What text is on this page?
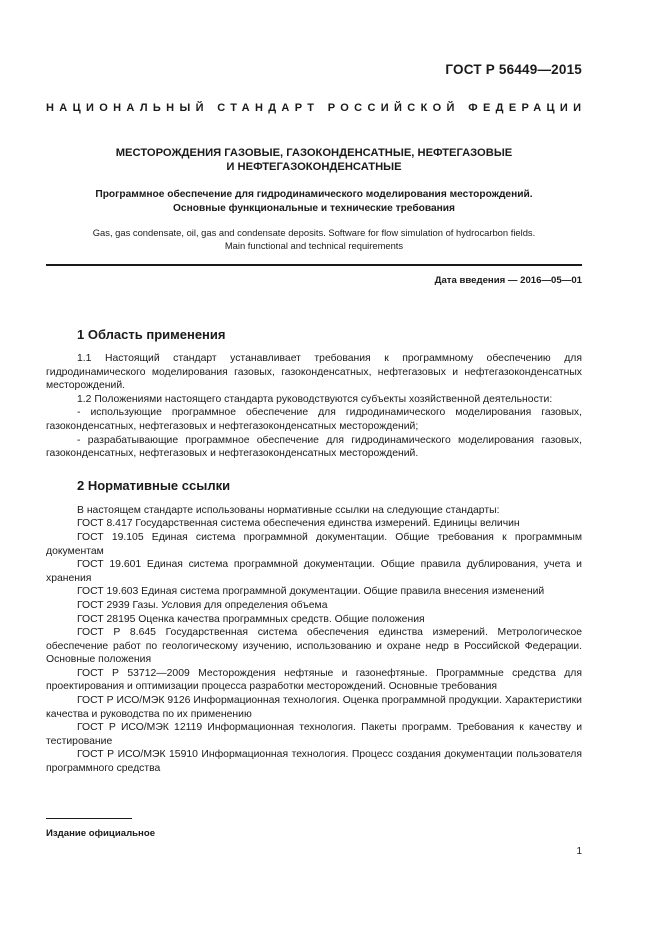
ГОСТ Р 56449—2015
НАЦИОНАЛЬНЫЙ СТАНДАРТ РОССИЙСКОЙ ФЕДЕРАЦИИ
МЕСТОРОЖДЕНИЯ ГАЗОВЫЕ, ГАЗОКОНДЕНСАТНЫЕ, НЕФТЕГАЗОВЫЕ
И НЕФТЕГАЗОКОНДЕНСАТНЫЕ
Программное обеспечение для гидродинамического моделирования месторождений.
Основные функциональные и технические требования
Gas, gas condensate, oil, gas and condensate deposits. Software for flow simulation of hydrocarbon fields.
Main functional and technical requirements
Дата введения — 2016—05—01
1 Область применения

1.1 Настоящий стандарт устанавливает требования к программному обеспечению для гидродинамического моделирования газовых, газоконденсатных, нефтегазовых и нефтегазоконденсатных месторождений.

1.2 Положениями настоящего стандарта руководствуются субъекты хозяйственной деятельности:

- использующие программное обеспечение для гидродинамического моделирования газовых, газоконденсатных, нефтегазовых и нефтегазоконденсатных месторождений;

- разрабатывающие программное обеспечение для гидродинамического моделирования газовых, газоконденсатных, нефтегазовых и нефтегазоконденсатных месторождений.

2 Нормативные ссылки

В настоящем стандарте использованы нормативные ссылки на следующие стандарты:

ГОСТ 8.417 Государственная система обеспечения единства измерений. Единицы величин

ГОСТ 19.105 Единая система программной документации. Общие требования к программным документам

ГОСТ 19.601 Единая система программной документации. Общие правила дублирования, учета и хранения

ГОСТ 19.603 Единая система программной документации. Общие правила внесения изменений

ГОСТ 2939 Газы. Условия для определения объема

ГОСТ 28195 Оценка качества программных средств. Общие положения

ГОСТ Р 8.645 Государственная система обеспечения единства измерений. Метрологическое обеспечение работ по геологическому изучению, использованию и охране недр в Российской Федерации. Основные положения

ГОСТ Р 53712—2009 Месторождения нефтяные и газонефтяные. Программные средства для проектирования и оптимизации процесса разработки месторождений. Основные требования

ГОСТ Р ИСО/МЭК 9126 Информационная технология. Оценка программной продукции. Характеристики качества и руководства по их применению

ГОСТ Р ИСО/МЭК 12119 Информационная технология. Пакеты программ. Требования к качеству и тестирование

ГОСТ Р ИСО/МЭК 15910 Информационная технология. Процесс создания документации пользователя программного средства

Издание официальное
1
